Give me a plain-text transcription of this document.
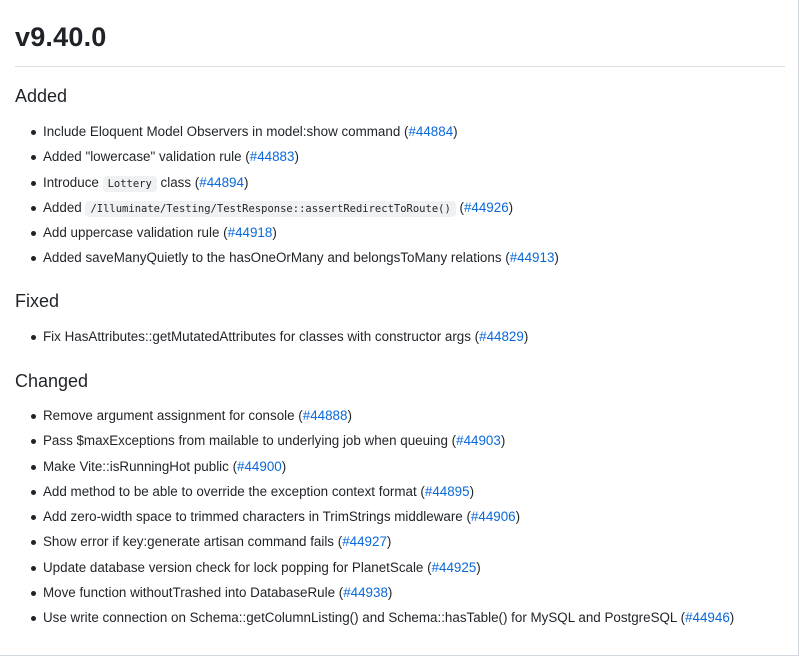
v9.40.0
Added
Include Eloquent Model Observers in model:show command (#44884)
Added "lowercase" validation rule (#44883)
Introduce Lottery class (#44894)
Added /Illuminate/Testing/TestResponse::assertRedirectToRoute() (#44926)
Add uppercase validation rule (#44918)
Added saveManyQuietly to the hasOneOrMany and belongsToMany relations (#44913)
Fixed
Fix HasAttributes::getMutatedAttributes for classes with constructor args (#44829)
Changed
Remove argument assignment for console (#44888)
Pass $maxExceptions from mailable to underlying job when queuing (#44903)
Make Vite::isRunningHot public (#44900)
Add method to be able to override the exception context format (#44895)
Add zero-width space to trimmed characters in TrimStrings middleware (#44906)
Show error if key:generate artisan command fails (#44927)
Update database version check for lock popping for PlanetScale (#44925)
Move function withoutTrashed into DatabaseRule (#44938)
Use write connection on Schema::getColumnListing() and Schema::hasTable() for MySQL and PostgreSQL (#44946)
